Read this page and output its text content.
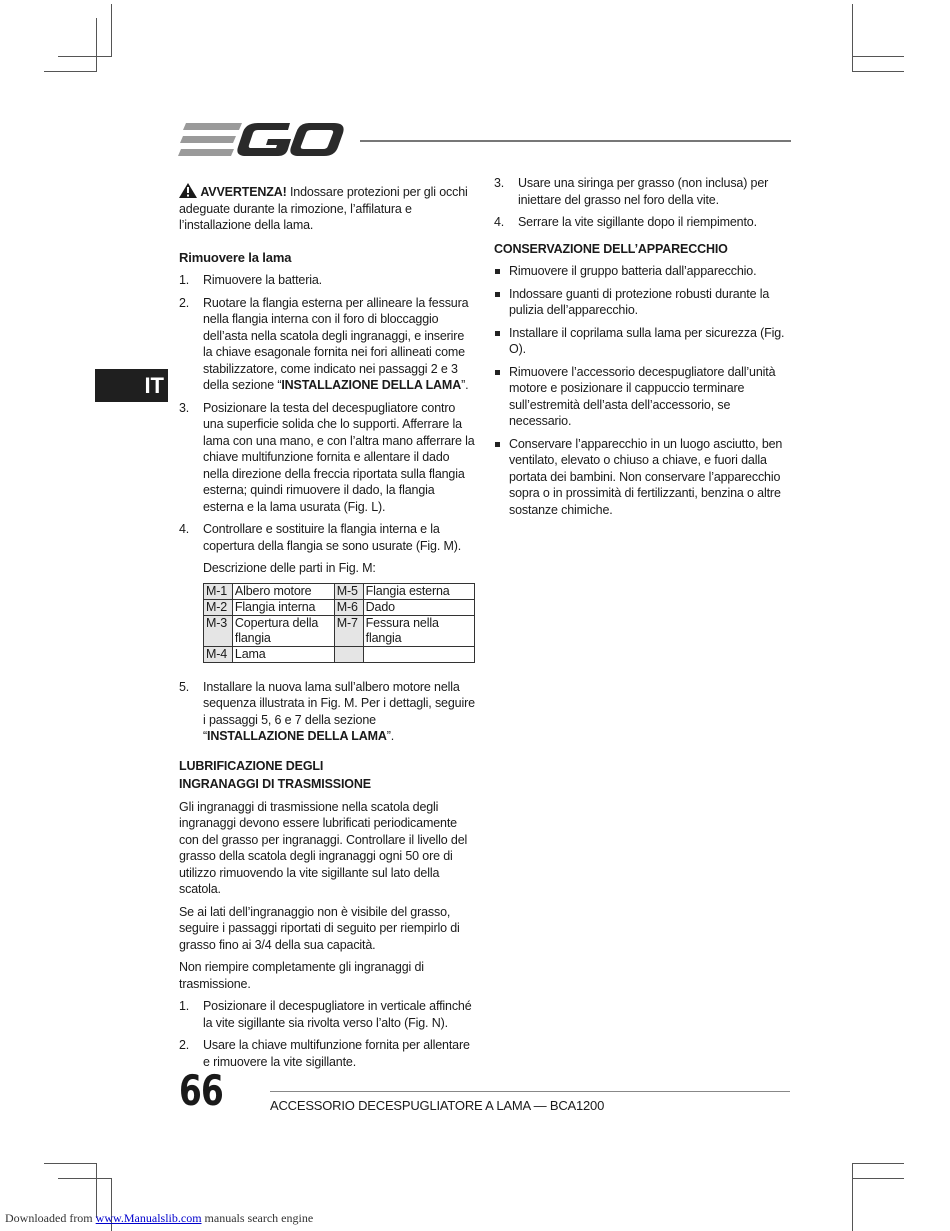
IT

AVVERTENZA! Indossare protezioni per gli occhi adeguate durante la rimozione, l’affilatura e l’installazione della lama.

Rimuovere la lama
1. Rimuovere la batteria.
2. Ruotare la flangia esterna per allineare la fessura nella flangia interna con il foro di bloccaggio dell’asta nella scatola degli ingranaggi, e inserire la chiave esagonale fornita nei fori allineati come stabilizzatore, come indicato nei passaggi 2 e 3 della sezione “INSTALLAZIONE DELLA LAMA”.
3. Posizionare la testa del decespugliatore contro una superficie solida che lo supporti. Afferrare la lama con una mano, e con l’altra mano afferrare la chiave multifunzione fornita e allentare il dado nella direzione della freccia riportata sulla flangia esterna; quindi rimuovere il dado, la flangia esterna e la lama usurata (Fig. L).
4. Controllare e sostituire la flangia interna e la copertura della flangia se sono usurate (Fig. M).

Descrizione delle parti in Fig. M:

M-1	Albero motore	M-5	Flangia esterna
M-2	Flangia interna	M-6	Dado
M-3	Copertura della flangia	M-7	Fessura nella flangia
M-4	Lama		
5. Installare la nuova lama sull’albero motore nella sequenza illustrata in Fig. M. Per i dettagli, seguire i passaggi 5, 6 e 7 della sezione “INSTALLAZIONE DELLA LAMA”.
LUBRIFICAZIONE DEGLI INGRANAGGI DI TRASMISSIONE

Gli ingranaggi di trasmissione nella scatola degli ingranaggi devono essere lubrificati periodicamente con del grasso per ingranaggi. Controllare il livello del grasso della scatola degli ingranaggi ogni 50 ore di utilizzo rimuovendo la vite sigillante sul lato della scatola.

Se ai lati dell’ingranaggio non è visibile del grasso, seguire i passaggi riportati di seguito per riempirlo di grasso fino ai 3/4 della sua capacità.

Non riempire completamente gli ingranaggi di trasmissione.

1. Posizionare il decespugliatore in verticale affinché la vite sigillante sia rivolta verso l’alto (Fig. N).
2. Usare la chiave multifunzione fornita per allentare e rimuovere la vite sigillante.
3. Usare una siringa per grasso (non inclusa) per iniettare del grasso nel foro della vite.
4. Serrare la vite sigillante dopo il riempimento.
CONSERVAZIONE DELL’APPARECCHIO
Rimuovere il gruppo batteria dall’apparecchio.
Indossare guanti di protezione robusti durante la pulizia dell’apparecchio.
Installare il coprilama sulla lama per sicurezza (Fig. O).
Rimuovere l’accessorio decespugliatore dall’unità motore e posizionare il cappuccio terminare sull’estremità dell’asta dell’accessorio, se necessario.
Conservare l’apparecchio in un luogo asciutto, ben ventilato, elevato o chiuso a chiave, e fuori dalla portata dei bambini. Non conservare l’apparecchio sopra o in prossimità di fertilizzanti, benzina o altre sostanze chimiche.
66	ACCESSORIO DECESPUGLIATORE A LAMA — BCA1200
Downloaded from www.Manualslib.com manuals search engine
